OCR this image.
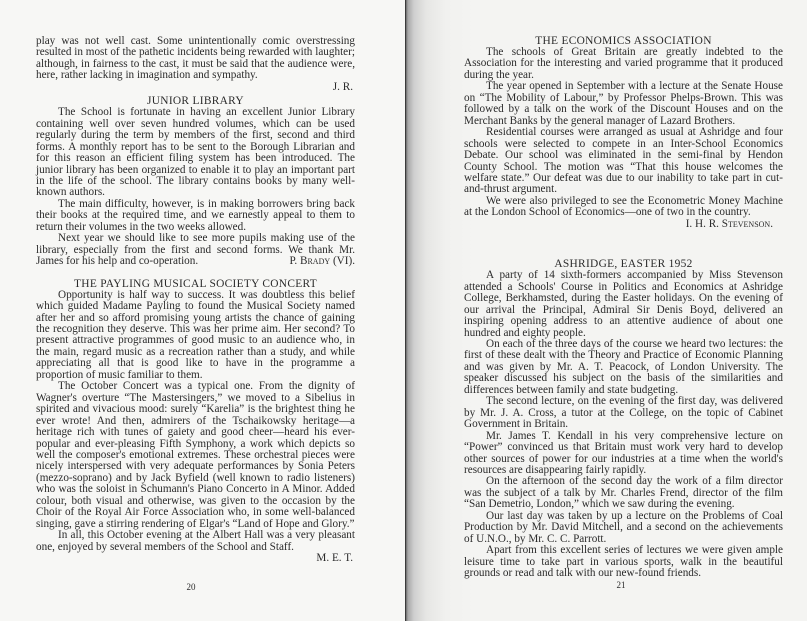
play was not well cast. Some unintentionally comic overstressing resulted in most of the pathetic incidents being rewarded with laughter; although, in fairness to the cast, it must be said that the audience were, here, rather lacking in imagination and sympathy.

J. R.
JUNIOR LIBRARY

The School is fortunate in having an excellent Junior Library containing well over seven hundred volumes, which can be used regularly during the term by members of the first, second and third forms. A monthly report has to be sent to the Borough Librarian and for this reason an efficient filing system has been introduced. The junior library has been organized to enable it to play an important part in the life of the school. The library contains books by many well-known authors.

The main difficulty, however, is in making borrowers bring back their books at the required time, and we earnestly appeal to them to return their volumes in the two weeks allowed.

Next year we should like to see more pupils making use of the library, especially from the first and second forms. We thank Mr. James for his help and co-operation.	P. Brady (VI).

THE PAYLING MUSICAL SOCIETY CONCERT

Opportunity is half way to success. It was doubtless this belief which guided Madame Payling to found the Musical Society named after her and so afford promising young artists the chance of gaining the recognition they deserve. This was her prime aim. Her second? To present attractive programmes of good music to an audience who, in the main, regard music as a recreation rather than a study, and while appreciating all that is good like to have in the programme a proportion of music familiar to them.

The October Concert was a typical one. From the dignity of Wagner's overture “The Mastersingers,” we moved to a Sibelius in spirited and vivacious mood: surely “Karelia” is the brightest thing he ever wrote! And then, admirers of the Tschaikowsky heritage—a heritage rich with tunes of gaiety and good cheer—heard his ever-popular and ever-pleasing Fifth Symphony, a work which depicts so well the composer's emotional extremes. These orchestral pieces were nicely interspersed with very adequate performances by Sonia Peters (mezzo-soprano) and by Jack Byfield (well known to radio listeners) who was the soloist in Schumann's Piano Concerto in A Minor. Added colour, both visual and otherwise, was given to the occasion by the Choir of the Royal Air Force Association who, in some well-balanced singing, gave a stirring rendering of Elgar's “Land of Hope and Glory.”

In all, this October evening at the Albert Hall was a very pleasant one, enjoyed by several members of the School and Staff.

M. E. T.
20
THE ECONOMICS ASSOCIATION

The schools of Great Britain are greatly indebted to the Association for the interesting and varied programme that it produced during the year.

The year opened in September with a lecture at the Senate House on “The Mobility of Labour,” by Professor Phelps-Brown. This was followed by a talk on the work of the Discount Houses and on the Merchant Banks by the general manager of Lazard Brothers.

Residential courses were arranged as usual at Ashridge and four schools were selected to compete in an Inter-School Economics Debate. Our school was eliminated in the semi-final by Hendon County School. The motion was “That this house welcomes the welfare state.” Our defeat was due to our inability to take part in cut-and-thrust argument.

We were also privileged to see the Econometric Money Machine at the London School of Economics—one of two in the country.

I. H. R. Stevenson.
ASHRIDGE, EASTER 1952

A party of 14 sixth-formers accompanied by Miss Stevenson attended a Schools' Course in Politics and Economics at Ashridge College, Berkhamsted, during the Easter holidays. On the evening of our arrival the Principal, Admiral Sir Denis Boyd, delivered an inspiring opening address to an attentive audience of about one hundred and eighty people.

On each of the three days of the course we heard two lectures: the first of these dealt with the Theory and Practice of Economic Planning and was given by Mr. A. T. Peacock, of London University. The speaker discussed his subject on the basis of the similarities and differences between family and state budgeting.

The second lecture, on the evening of the first day, was delivered by Mr. J. A. Cross, a tutor at the College, on the topic of Cabinet Government in Britain.

Mr. James T. Kendall in his very comprehensive lecture on “Power” convinced us that Britain must work very hard to develop other sources of power for our industries at a time when the world's resources are disappearing fairly rapidly.

On the afternoon of the second day the work of a film director was the subject of a talk by Mr. Charles Frend, director of the film “San Demetrio, London,” which we saw during the evening.

Our last day was taken by up a lecture on the Problems of Coal Production by Mr. David Mitchell, and a second on the achievements of U.N.O., by Mr. C. C. Parrott.

Apart from this excellent series of lectures we were given ample leisure time to take part in various sports, walk in the beautiful grounds or read and talk with our new-found friends.

21
